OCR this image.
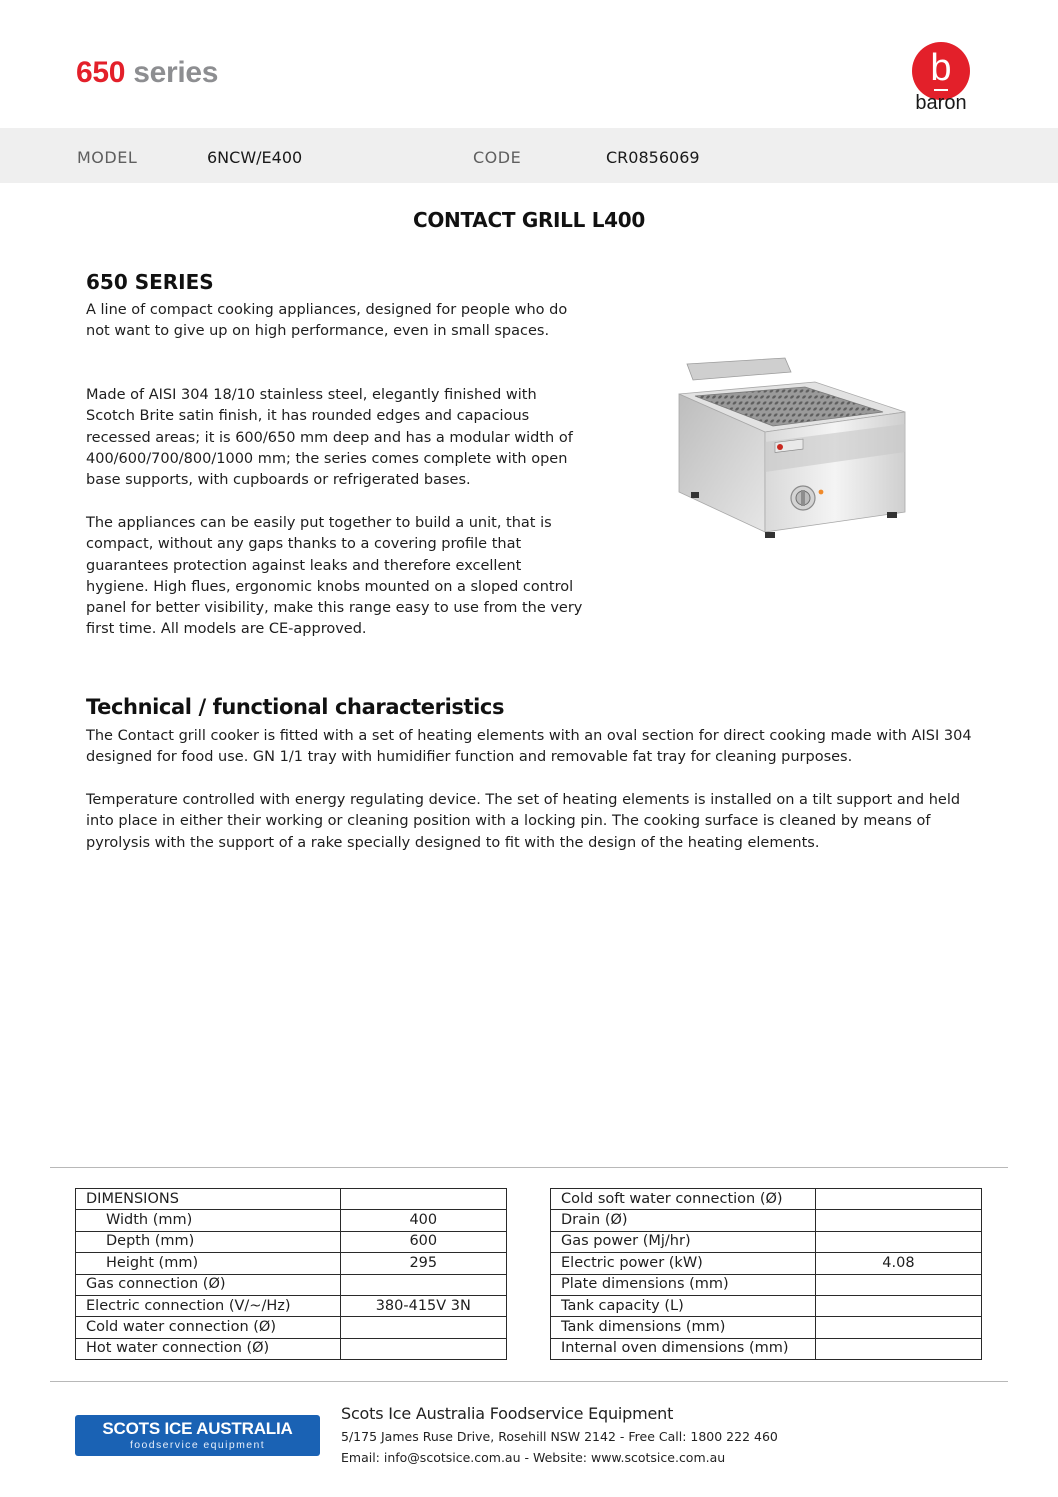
650 series	b
baron
MODEL	6NCW/E400	CODE	CR0856069
CONTACT GRILL L400
650 SERIES
A line of compact cooking appliances, designed for people who do not want to give up on high performance, even in small spaces.
Made of AISI 304 18/10 stainless steel, elegantly finished with Scotch Brite satin finish, it has rounded edges and capacious recessed areas; it is 600/650 mm deep and has a modular width of 400/600/700/800/1000 mm; the series comes complete with open base supports, with cupboards or refrigerated bases.
The appliances can be easily put together to build a unit, that is compact, without any gaps thanks to a covering profile that guarantees protection against leaks and therefore excellent hygiene. High flues, ergonomic knobs mounted on a sloped control panel for better visibility, make this range easy to use from the very first time. All models are CE-approved.
Technical / functional characteristics
The Contact grill cooker is fitted with a set of heating elements with an oval section for direct cooking made with AISI 304 designed for food use. GN 1/1 tray with humidifier function and removable fat tray for cleaning purposes.
Temperature controlled with energy regulating device. The set of heating elements is installed on a tilt support and held into place in either their working or cleaning position with a locking pin. The cooking surface is cleaned by means of pyrolysis with the support of a rake specially designed to fit with the design of the heating elements.
DIMENSIONS	
Width (mm)	400
Depth (mm)	600
Height (mm)	295
Gas connection (Ø)	
Electric connection (V/~/Hz)	380-415V 3N
Cold water connection (Ø)	
Hot water connection (Ø)	
Cold soft water connection (Ø)	
Drain (Ø)	
Gas power (Mj/hr)	
Electric power (kW)	4.08
Plate dimensions (mm)	
Tank capacity (L)	
Tank dimensions (mm)	
Internal oven dimensions (mm)	
SCOTS ICE AUSTRALIA
foodservice equipment
Scots Ice Australia Foodservice Equipment
5/175 James Ruse Drive, Rosehill NSW 2142 - Free Call: 1800 222 460
Email: info@scotsice.com.au - Website: www.scotsice.com.au
